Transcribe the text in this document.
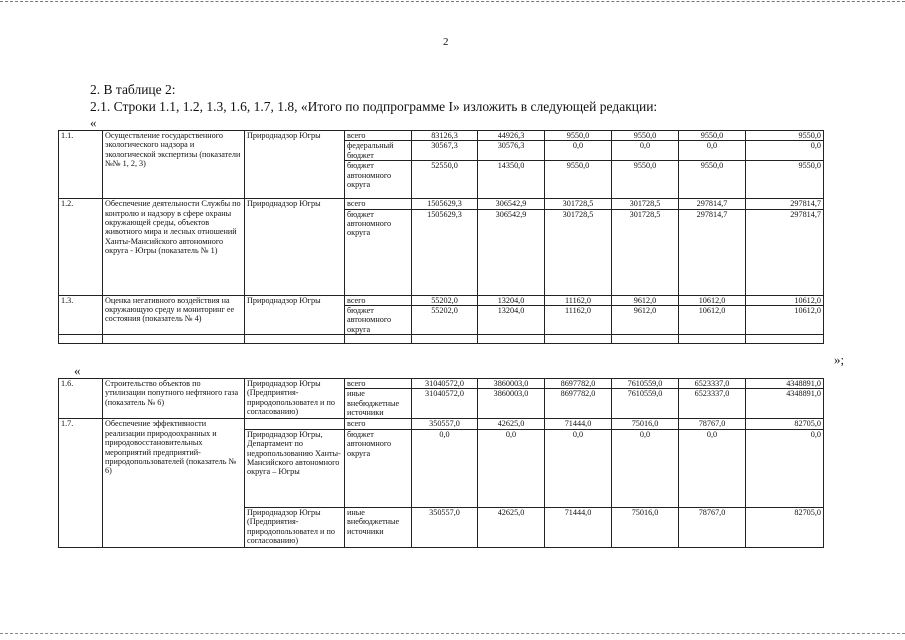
2
2. В таблице 2:
2.1. Строки 1.1, 1.2, 1.3, 1.6, 1.7, 1.8, «Итого по подпрограмме I» изложить в следующей редакции:
«
1.1.	Осуществление государственного экологического надзора и экологической экспертизы (показатели №№ 1, 2, 3)	Природнадзор Югры	всего	83126,3	44926,3	9550,0	9550,0	9550,0	9550,0
			федеральный бюджет	30567,3	30576,3	0,0	0,0	0,0	0,0
			бюджет автономного округа	52550,0	14350,0	9550,0	9550,0	9550,0	9550,0
1.2.	Обеспечение деятельности Службы по контролю и надзору в сфере охраны окружающей среды, объектов животного мира и лесных отношений Ханты-Мансийского автономного округа - Югры (показатель № 1)	Природнадзор Югры	всего	1505629,3	306542,9	301728,5	301728,5	297814,7	297814,7
			бюджет автономного округа	1505629,3	306542,9	301728,5	301728,5	297814,7	297814,7
1.3.	Оценка негативного воздействия на окружающую среду и мониторинг ее состояния (показатель № 4)	Природнадзор Югры	всего	55202,0	13204,0	11162,0	9612,0	10612,0	10612,0
			бюджет автономного округа	55202,0	13204,0	11162,0	9612,0	10612,0	10612,0

»;
«
1.6.	Строительство объектов по утилизации попутного нефтяного газа (показатель № 6)	Природнадзор Югры (Предприятия-природопользовател и по согласованию)	всего	31040572,0	3860003,0	8697782,0	7610559,0	6523337,0	4348891,0
			иные внебюджетные источники	31040572,0	3860003,0	8697782,0	7610559,0	6523337,0	4348891,0
1.7.	Обеспечение эффективности реализации природоохранных и природовосстановительных мероприятий предприятий-природопользователей (показатель № 6)		всего	350557,0	42625,0	71444,0	75016,0	78767,0	82705,0
		Природнадзор Югры, Департамент по недропользованию Ханты-Мансийского автономного округа – Югры	бюджет автономного округа	0,0	0,0	0,0	0,0	0,0	0,0
		Природнадзор Югры (Предприятия-природопользовател и по согласованию)	иные внебюджетные источники	350557,0	42625,0	71444,0	75016,0	78767,0	82705,0
